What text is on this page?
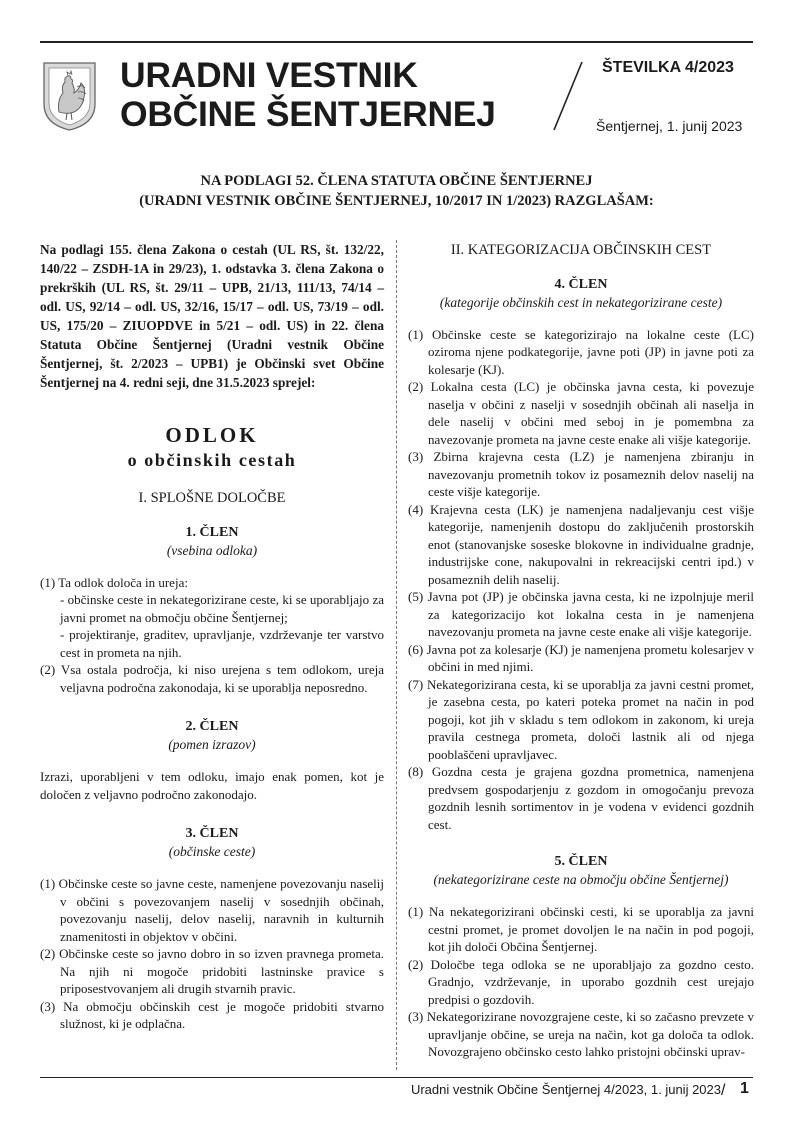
URADNI VESTNIK
OBČINE ŠENTJERNEJ
ŠTEVILKA 4/2023
Šentjernej, 1. junij 2023
NA PODLAGI 52. ČLENA STATUTA OBČINE ŠENTJERNEJ
(URADNI VESTNIK OBČINE ŠENTJERNEJ, 10/2017 IN 1/2023) RAZGLAŠAM:

Na podlagi 155. člena Zakona o cestah (UL RS, št. 132/22, 140/22 – ZSDH-1A in 29/23), 1. odstavka 3. člena Zakona o prekrških (UL RS, št. 29/11 – UPB, 21/13, 111/13, 74/14 – odl. US, 92/14 – odl. US, 32/16, 15/17 – odl. US, 73/19 – odl. US, 175/20 – ZIUOPDVE in 5/21 – odl. US) in 22. člena Statuta Občine Šentjernej (Uradni vestnik Občine Šentjernej, št. 2/2023 – UPB1) je Občinski svet Občine Šentjernej na 4. redni seji, dne 31.5.2023 sprejel:

ODLOK
o občinskih cestah
I. SPLOŠNE DOLOČBE
1. ČLEN
(vsebina odloka)

(1) Ta odlok določa in ureja:

- občinske ceste in nekategorizirane ceste, ki se uporabljajo za javni promet na območju občine Šentjernej;

- projektiranje, graditev, upravljanje, vzdrževanje ter varstvo cest in prometa na njih.

(2) Vsa ostala področja, ki niso urejena s tem odlokom, ureja veljavna področna zakonodaja, ki se uporablja neposredno.

2. ČLEN
(pomen izrazov)

Izrazi, uporabljeni v tem odloku, imajo enak pomen, kot je določen z veljavno področno zakonodajo.

3. ČLEN
(občinske ceste)

(1) Občinske ceste so javne ceste, namenjene povezovanju naselij v občini s povezovanjem naselij v sosednjih občinah, povezovanju naselij, delov naselij, naravnih in kulturnih znamenitosti in objektov v občini.

(2) Občinske ceste so javno dobro in so izven pravnega prometa. Na njih ni mogoče pridobiti lastninske pravice s priposestvovanjem ali drugih stvarnih pravic.

(3) Na območju občinskih cest je mogoče pridobiti stvarno služnost, ki je odplačna.

II. KATEGORIZACIJA OBČINSKIH CEST
4. ČLEN
(kategorije občinskih cest in nekategorizirane ceste)

(1) Občinske ceste se kategorizirajo na lokalne ceste (LC) oziroma njene podkategorije, javne poti (JP) in javne poti za kolesarje (KJ).

(2) Lokalna cesta (LC) je občinska javna cesta, ki povezuje naselja v občini z naselji v sosednjih občinah ali naselja in dele naselij v občini med seboj in je pomembna za navezovanje prometa na javne ceste enake ali višje kategorije.

(3) Zbirna krajevna cesta (LZ) je namenjena zbiranju in navezovanju prometnih tokov iz posameznih delov naselij na ceste višje kategorije.

(4) Krajevna cesta (LK) je namenjena nadaljevanju cest višje kategorije, namenjenih dostopu do zaključenih prostorskih enot (stanovanjske soseske blokovne in individualne gradnje, industrijske cone, nakupovalni in rekreacijski centri ipd.) v posameznih delih naselij.

(5) Javna pot (JP) je občinska javna cesta, ki ne izpolnjuje meril za kategorizacijo kot lokalna cesta in je namenjena navezovanju prometa na javne ceste enake ali višje kategorije.

(6) Javna pot za kolesarje (KJ) je namenjena prometu kolesarjev v občini in med njimi.

(7) Nekategorizirana cesta, ki se uporablja za javni cestni promet, je zasebna cesta, po kateri poteka promet na način in pod pogoji, kot jih v skladu s tem odlokom in zakonom, ki ureja pravila cestnega prometa, določi lastnik ali od njega pooblaščeni upravljavec.

(8) Gozdna cesta je grajena gozdna prometnica, namenjena predvsem gospodarjenju z gozdom in omogočanju prevoza gozdnih lesnih sortimentov in je vodena v evidenci gozdnih cest.

5. ČLEN
(nekategorizirane ceste na območju občine Šentjernej)

(1) Na nekategorizirani občinski cesti, ki se uporablja za javni cestni promet, je promet dovoljen le na način in pod pogoji, kot jih določi Občina Šentjernej.

(2) Določbe tega odloka se ne uporabljajo za gozdno cesto. Gradnjo, vzdrževanje, in uporabo gozdnih cest urejajo predpisi o gozdovih.

(3) Nekategorizirane novozgrajene ceste, ki so začasno prevzete v upravljanje občine, se ureja na način, kot ga določa ta odlok. Novozgrajeno občinsko cesto lahko pristojni občinski uprav-

Uradni vestnik Občine Šentjernej 4/2023, 1. junij 2023 / 1
